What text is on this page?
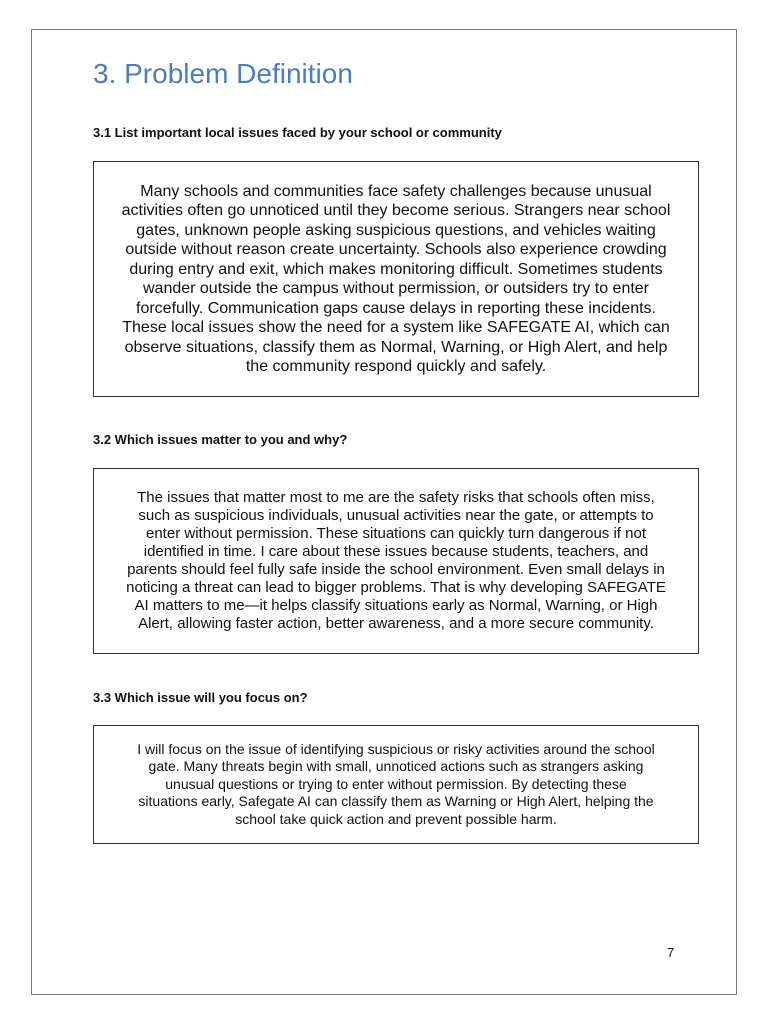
3. Problem Definition
3.1 List important local issues faced by your school or community

Many schools and communities face safety challenges because unusual activities often go unnoticed until they become serious. Strangers near school gates, unknown people asking suspicious questions, and vehicles waiting outside without reason create uncertainty. Schools also experience crowding during entry and exit, which makes monitoring difficult. Sometimes students wander outside the campus without permission, or outsiders try to enter forcefully. Communication gaps cause delays in reporting these incidents. These local issues show the need for a system like SAFEGATE AI, which can observe situations, classify them as Normal, Warning, or High Alert, and help the community respond quickly and safely.

3.2 Which issues matter to you and why?

The issues that matter most to me are the safety risks that schools often miss, such as suspicious individuals, unusual activities near the gate, or attempts to enter without permission. These situations can quickly turn dangerous if not identified in time. I care about these issues because students, teachers, and parents should feel fully safe inside the school environment. Even small delays in noticing a threat can lead to bigger problems. That is why developing SAFEGATE AI matters to me—it helps classify situations early as Normal, Warning, or High Alert, allowing faster action, better awareness, and a more secure community.

3.3 Which issue will you focus on?

I will focus on the issue of identifying suspicious or risky activities around the school gate. Many threats begin with small, unnoticed actions such as strangers asking unusual questions or trying to enter without permission. By detecting these situations early, Safegate AI can classify them as Warning or High Alert, helping the school take quick action and prevent possible harm.

7
